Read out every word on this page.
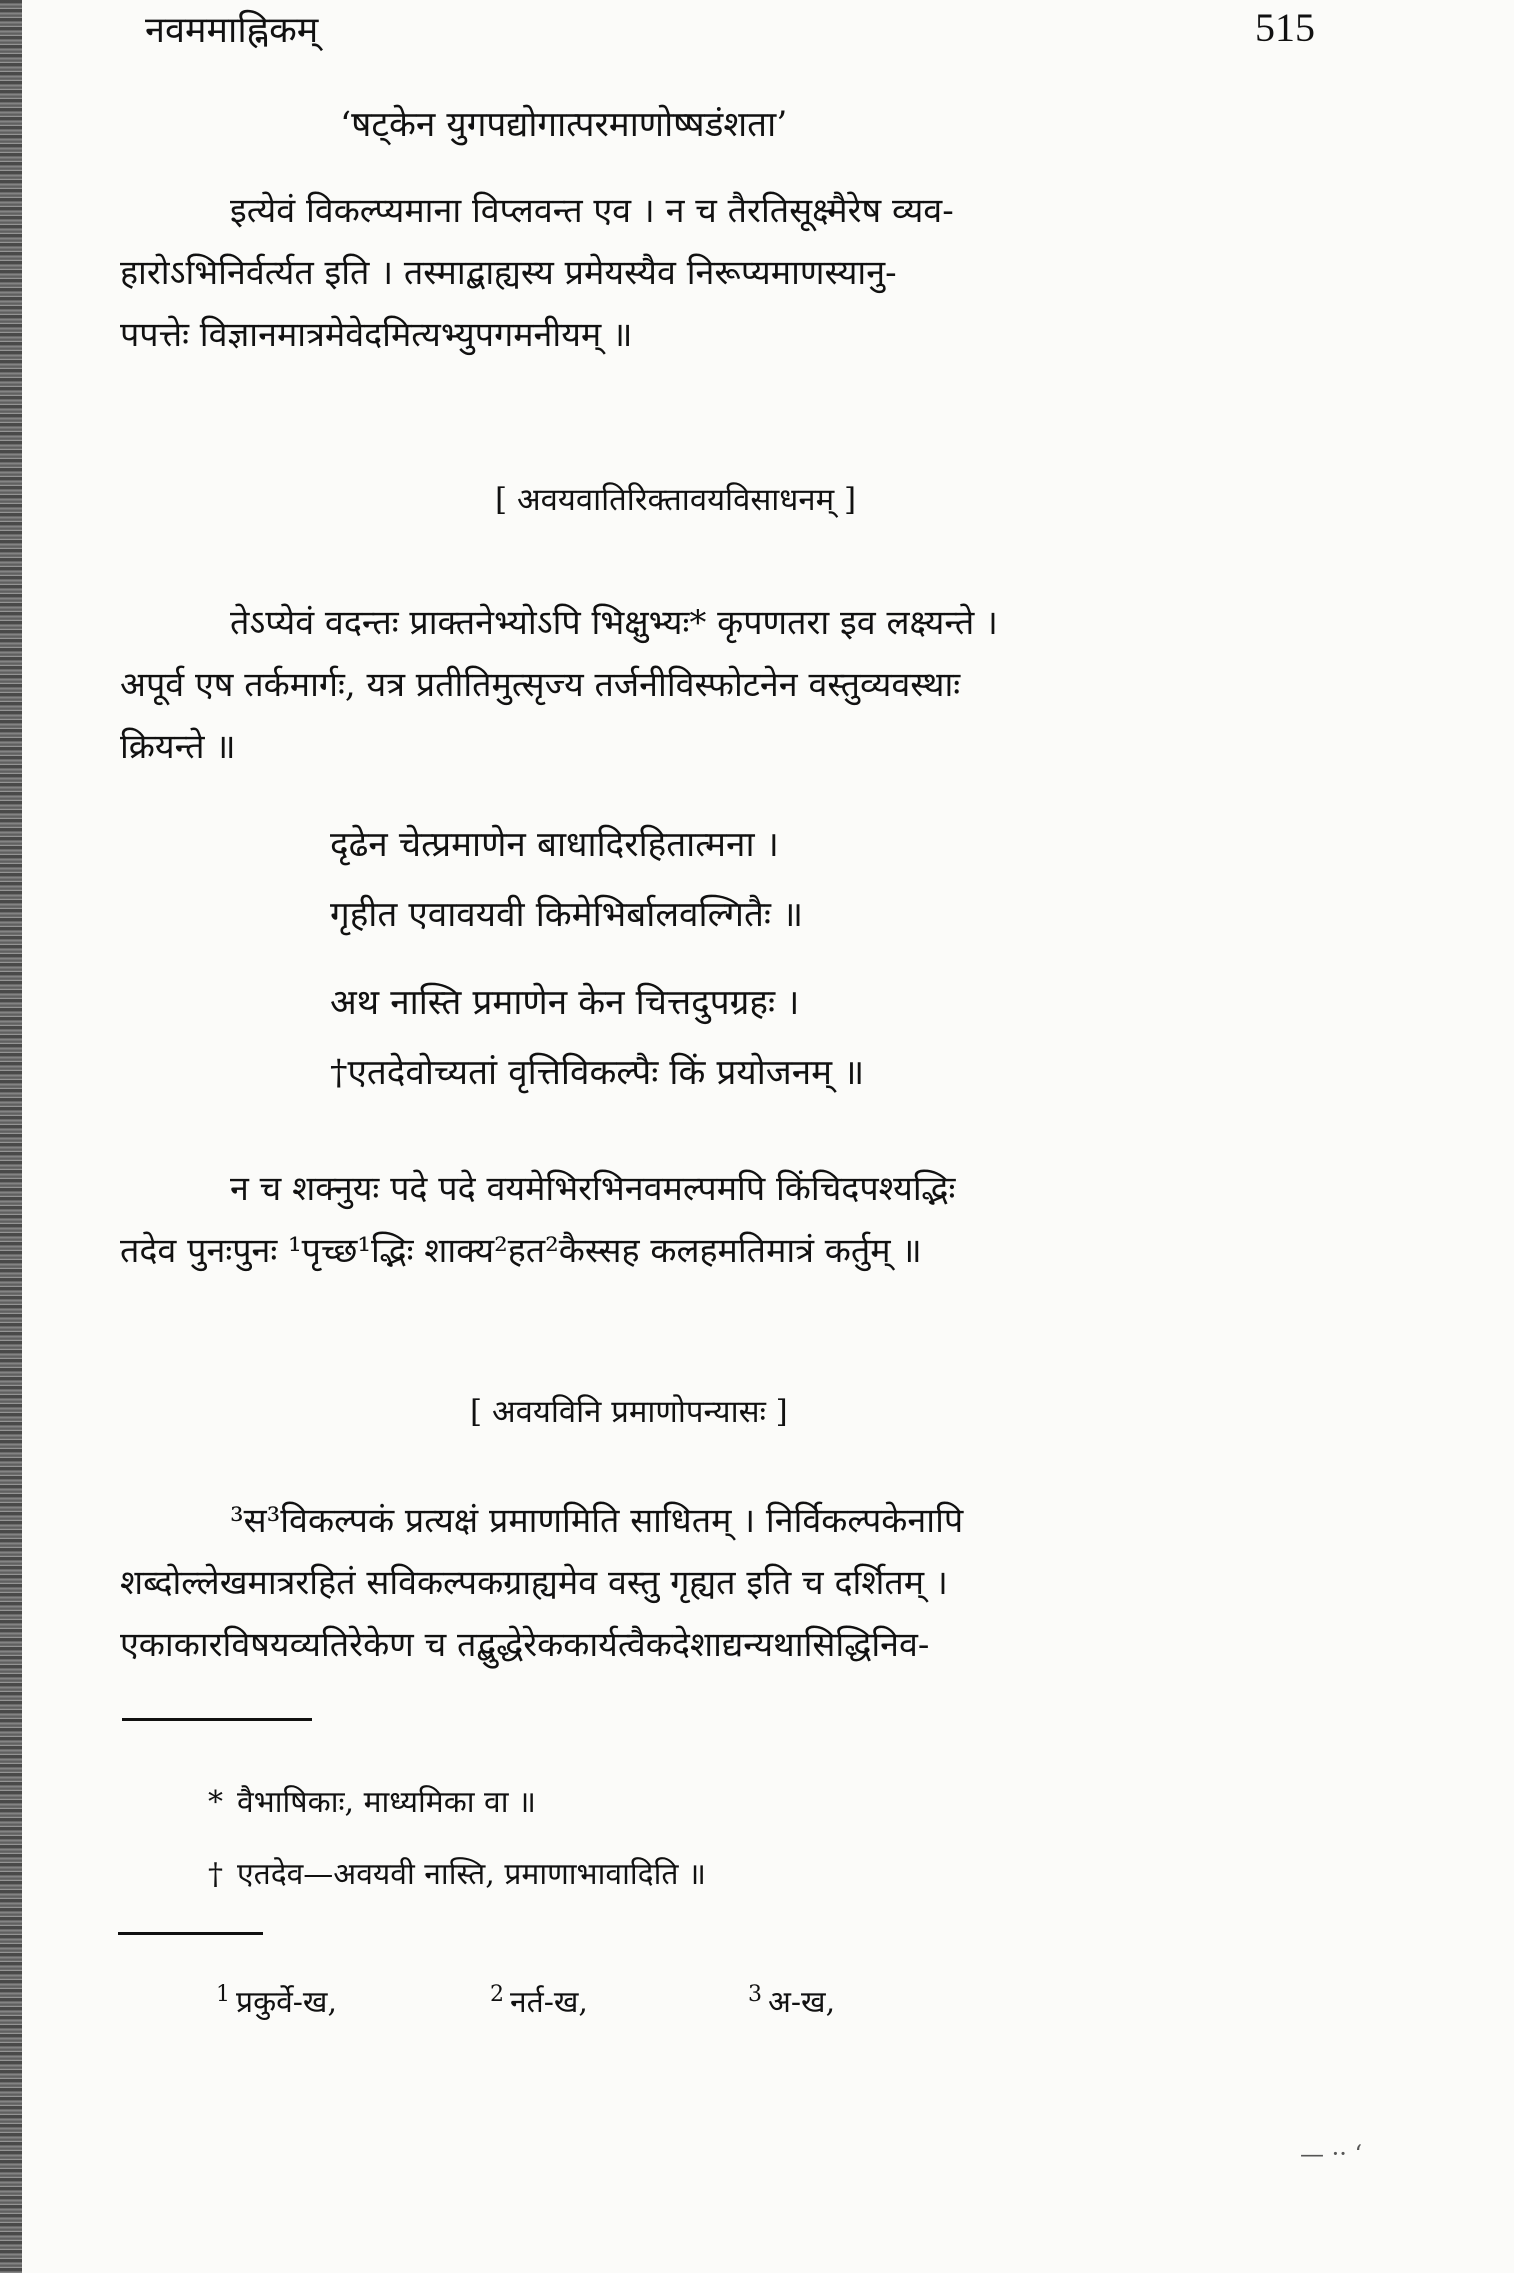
नवममाह्निकम्	515
‘षट्केन युगपद्योगात्परमाणोष्षडंशता’
इत्येवं विकल्प्यमाना विप्लवन्त एव । न च तैरतिसूक्ष्मैरेष व्यव-
हारोऽभिनिर्वर्त्यत इति । तस्माद्बाह्यस्य प्रमेयस्यैव निरूप्यमाणस्यानु-
पपत्तेः विज्ञानमात्रमेवेदमित्यभ्युपगमनीयम् ॥
[ अवयवातिरिक्तावयविसाधनम् ]
तेऽप्येवं वदन्तः प्राक्तनेभ्योऽपि भिक्षुभ्यः* कृपणतरा इव लक्ष्यन्ते ।
अपूर्व एष तर्कमार्गः, यत्र प्रतीतिमुत्सृज्य तर्जनीविस्फोटनेन वस्तुव्यवस्थाः
क्रियन्ते ॥
दृढेन चेत्प्रमाणेन बाधादिरहितात्मना ।
गृहीत एवावयवी किमेभिर्बालवल्गितैः ॥
अथ नास्ति प्रमाणेन केन चित्तदुपग्रहः ।
†एतदेवोच्यतां वृत्तिविकल्पैः किं प्रयोजनम् ॥
न च शक्नुयः पदे पदे वयमेभिरभिनवमल्पमपि किंचिदपश्यद्भिः
तदेव पुनःपुनः ¹पृच्छ¹द्भिः शाक्य²हत²कैस्सह कलहमतिमात्रं कर्तुम् ॥
[ अवयविनि प्रमाणोपन्यासः ]
³स³विकल्पकं प्रत्यक्षं प्रमाणमिति साधितम् । निर्विकल्पकेनापि
शब्दोल्लेखमात्ररहितं सविकल्पकग्राह्यमेव वस्तु गृह्यत इति च दर्शितम् ।
एकाकारविषयव्यतिरेकेण च तद्बुद्धेरेककार्यत्वैकदेशाद्यन्यथासिद्धिनिव-
* वैभाषिकाः, माध्यमिका वा ॥
† एतदेव—अवयवी नास्ति, प्रमाणाभावादिति ॥
$^1$ प्रकुर्वे-ख,	$^2$ नर्त-ख,	$^3$ अ-ख,
— ·· ‘
